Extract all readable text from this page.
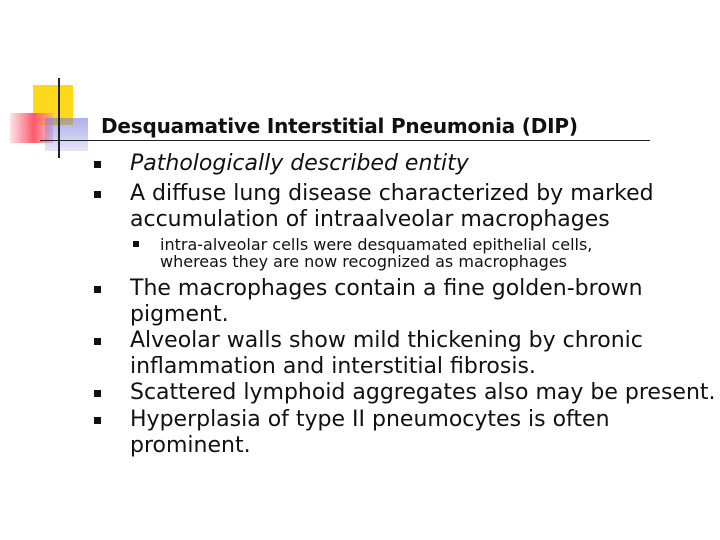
Desquamative Interstitial Pneumonia (DIP)
Pathologically described entity
A diffuse lung disease characterized by marked accumulation of intraalveolar macrophages
intra-alveolar cells were desquamated epithelial cells, whereas they are now recognized as macrophages
The macrophages contain a fine golden-brown pigment.
Alveolar walls show mild thickening by chronic inflammation and interstitial fibrosis.
Scattered lymphoid aggregates also may be present.
Hyperplasia of type II pneumocytes is often prominent.
